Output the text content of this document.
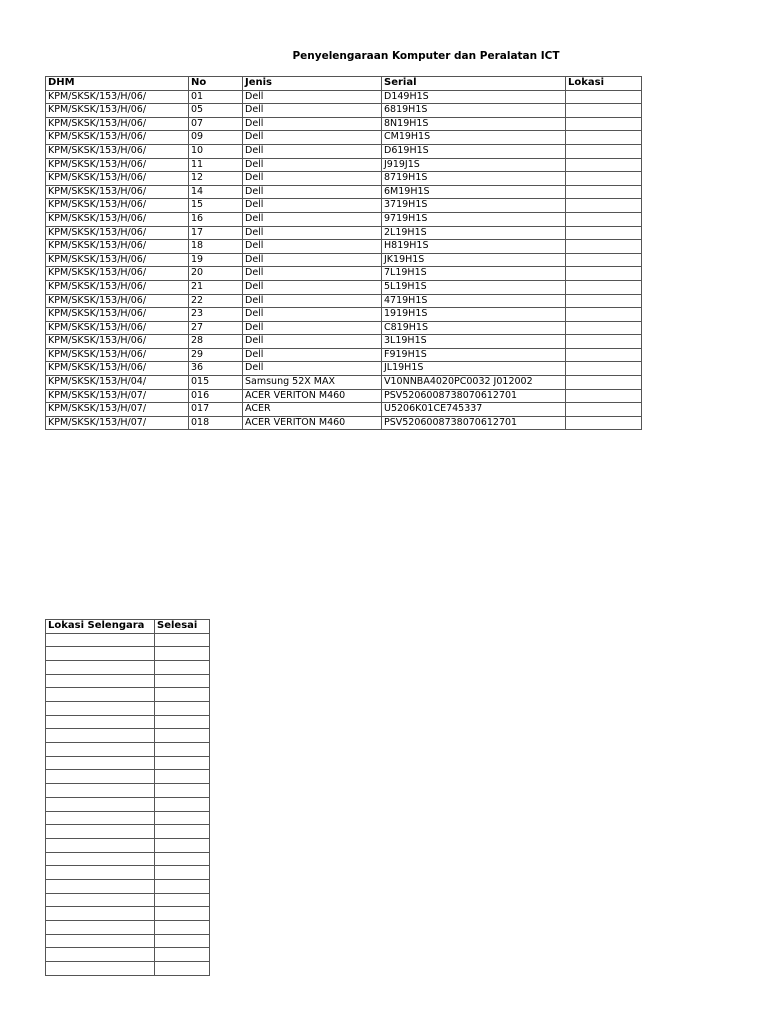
Penyelengaraan Komputer dan Peralatan ICT
DHM	No	Jenis	Serial	Lokasi
KPM/SKSK/153/H/06/	01	Dell	D149H1S	
KPM/SKSK/153/H/06/	05	Dell	6819H1S	
KPM/SKSK/153/H/06/	07	Dell	8N19H1S	
KPM/SKSK/153/H/06/	09	Dell	CM19H1S	
KPM/SKSK/153/H/06/	10	Dell	D619H1S	
KPM/SKSK/153/H/06/	11	Dell	J919J1S	
KPM/SKSK/153/H/06/	12	Dell	8719H1S	
KPM/SKSK/153/H/06/	14	Dell	6M19H1S	
KPM/SKSK/153/H/06/	15	Dell	3719H1S	
KPM/SKSK/153/H/06/	16	Dell	9719H1S	
KPM/SKSK/153/H/06/	17	Dell	2L19H1S	
KPM/SKSK/153/H/06/	18	Dell	H819H1S	
KPM/SKSK/153/H/06/	19	Dell	JK19H1S	
KPM/SKSK/153/H/06/	20	Dell	7L19H1S	
KPM/SKSK/153/H/06/	21	Dell	5L19H1S	
KPM/SKSK/153/H/06/	22	Dell	4719H1S	
KPM/SKSK/153/H/06/	23	Dell	1919H1S	
KPM/SKSK/153/H/06/	27	Dell	C819H1S	
KPM/SKSK/153/H/06/	28	Dell	3L19H1S	
KPM/SKSK/153/H/06/	29	Dell	F919H1S	
KPM/SKSK/153/H/06/	36	Dell	JL19H1S	
KPM/SKSK/153/H/04/	015	Samsung 52X MAX	V10NNBA4020PC0032 J012002	
KPM/SKSK/153/H/07/	016	ACER VERITON M460	PSV5206008738070612701	
KPM/SKSK/153/H/07/	017	ACER	U5206K01CE745337	
KPM/SKSK/153/H/07/	018	ACER VERITON M460	PSV5206008738070612701	
Lokasi Selengara	Selesai
